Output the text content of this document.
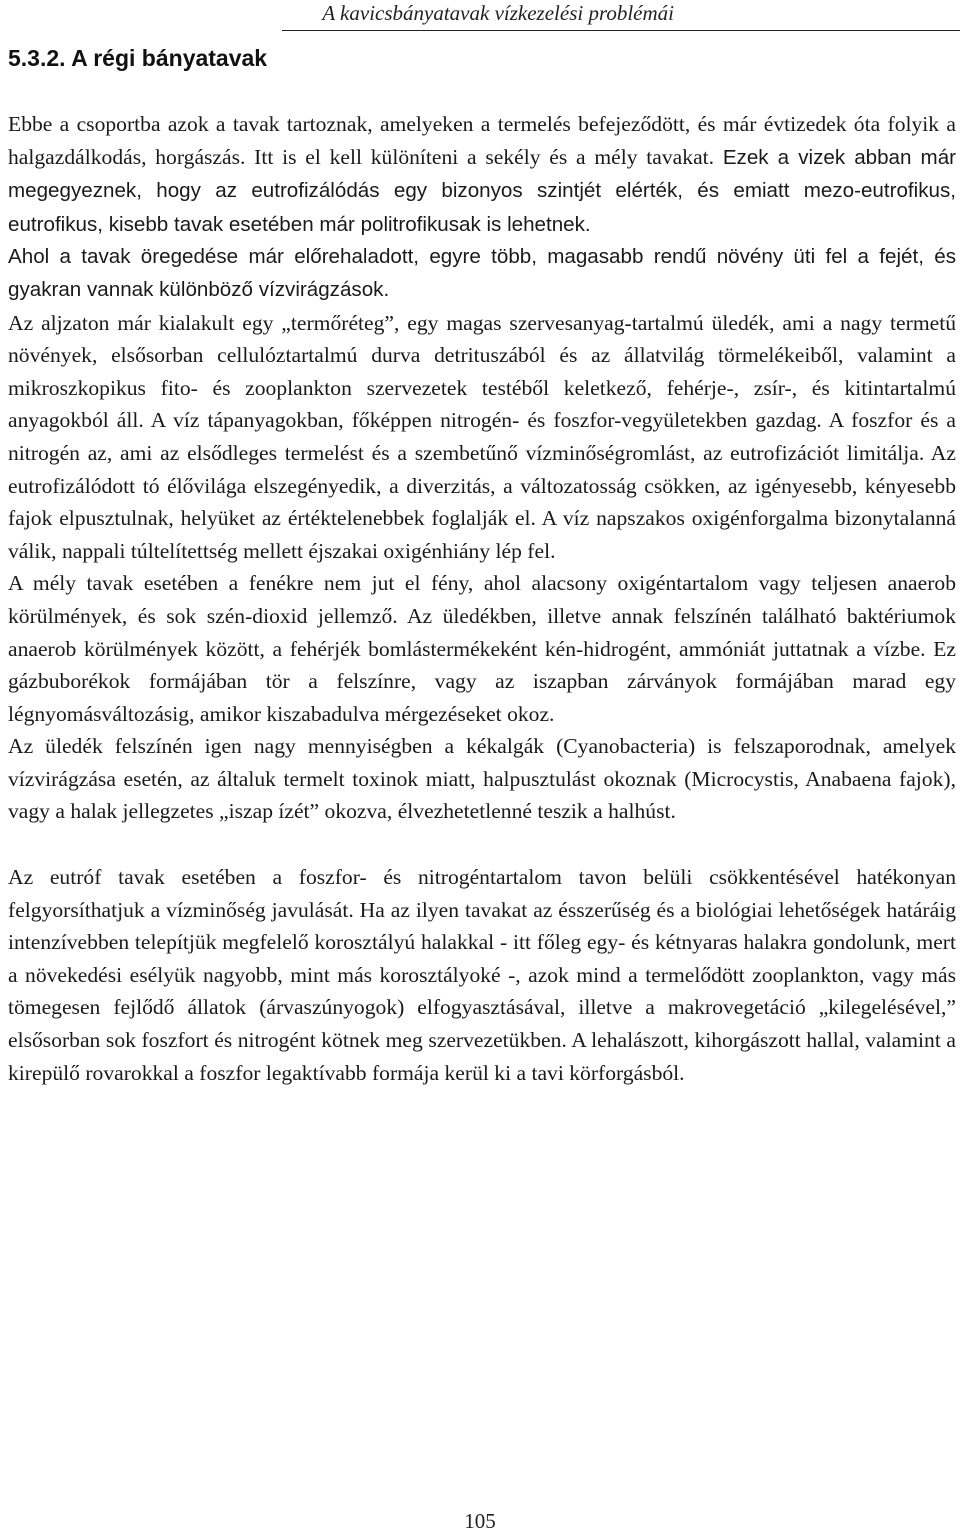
A kavicsbányatavak vízkezelési problémái
5.3.2. A régi bányatavak

Ebbe a csoportba azok a tavak tartoznak, amelyeken a termelés befejeződött, és már évtizedek óta folyik a halgazdálkodás, horgászás. Itt is el kell különíteni a sekély és a mély tavakat. Ezek a vizek abban már megegyeznek, hogy az eutrofizálódás egy bizonyos szintjét elérték, és emiatt mezo-eutrofikus, eutrofikus, kisebb tavak esetében már politrofikusak is lehetnek.

Ahol a tavak öregedése már előrehaladott, egyre több, magasabb rendű növény üti fel a fejét, és gyakran vannak különböző vízvirágzások.

Az aljzaton már kialakult egy „termőréteg”, egy magas szervesanyag-tartalmú üledék, ami a nagy termetű növények, elsősorban cellulóztartalmú durva detrituszából és az állatvilág törmelékeiből, valamint a mikroszkopikus fito- és zooplankton szervezetek testéből keletkező, fehérje-, zsír-, és kitintartalmú anyagokból áll. A víz tápanyagokban, főképpen nitrogén- és foszfor-vegyületekben gazdag. A foszfor és a nitrogén az, ami az elsődleges termelést és a szembetűnő vízminőségromlást, az eutrofizációt limitálja. Az eutrofizálódott tó élővilága elszegényedik, a diverzitás, a változatosság csökken, az igényesebb, kényesebb fajok elpusztulnak, helyüket az értéktelenebbek foglalják el. A víz napszakos oxigénforgalma bizonytalanná válik, nappali túltelítettség mellett éjszakai oxigénhiány lép fel.

A mély tavak esetében a fenékre nem jut el fény, ahol alacsony oxigéntartalom vagy teljesen anaerob körülmények, és sok szén-dioxid jellemző. Az üledékben, illetve annak felszínén található baktériumok anaerob körülmények között, a fehérjék bomlástermékeként kén-hidrogént, ammóniát juttatnak a vízbe. Ez gázbuborékok formájában tör a felszínre, vagy az iszapban zárványok formájában marad egy légnyomásváltozásig, amikor kiszabadulva mérgezéseket okoz.

Az üledék felszínén igen nagy mennyiségben a kékalgák (Cyanobacteria) is felszaporodnak, amelyek vízvirágzása esetén, az általuk termelt toxinok miatt, halpusztulást okoznak (Microcystis, Anabaena fajok), vagy a halak jellegzetes „iszap ízét” okozva, élvezhetetlenné teszik a halhúst.

Az eutróf tavak esetében a foszfor- és nitrogéntartalom tavon belüli csökkentésével hatékonyan felgyorsíthatjuk a vízminőség javulását. Ha az ilyen tavakat az ésszerűség és a biológiai lehetőségek határáig intenzívebben telepítjük megfelelő korosztályú halakkal - itt főleg egy- és kétnyaras halakra gondolunk, mert a növekedési esélyük nagyobb, mint más korosztályoké -, azok mind a termelődött zooplankton, vagy más tömegesen fejlődő állatok (árvaszúnyogok) elfogyasztásával, illetve a makrovegetáció „kilegelésével,” elsősorban sok foszfort és nitrogént kötnek meg szervezetükben. A lehalászott, kihorgászott hallal, valamint a kirepülő rovarokkal a foszfor legaktívabb formája kerül ki a tavi körforgásból.

105
